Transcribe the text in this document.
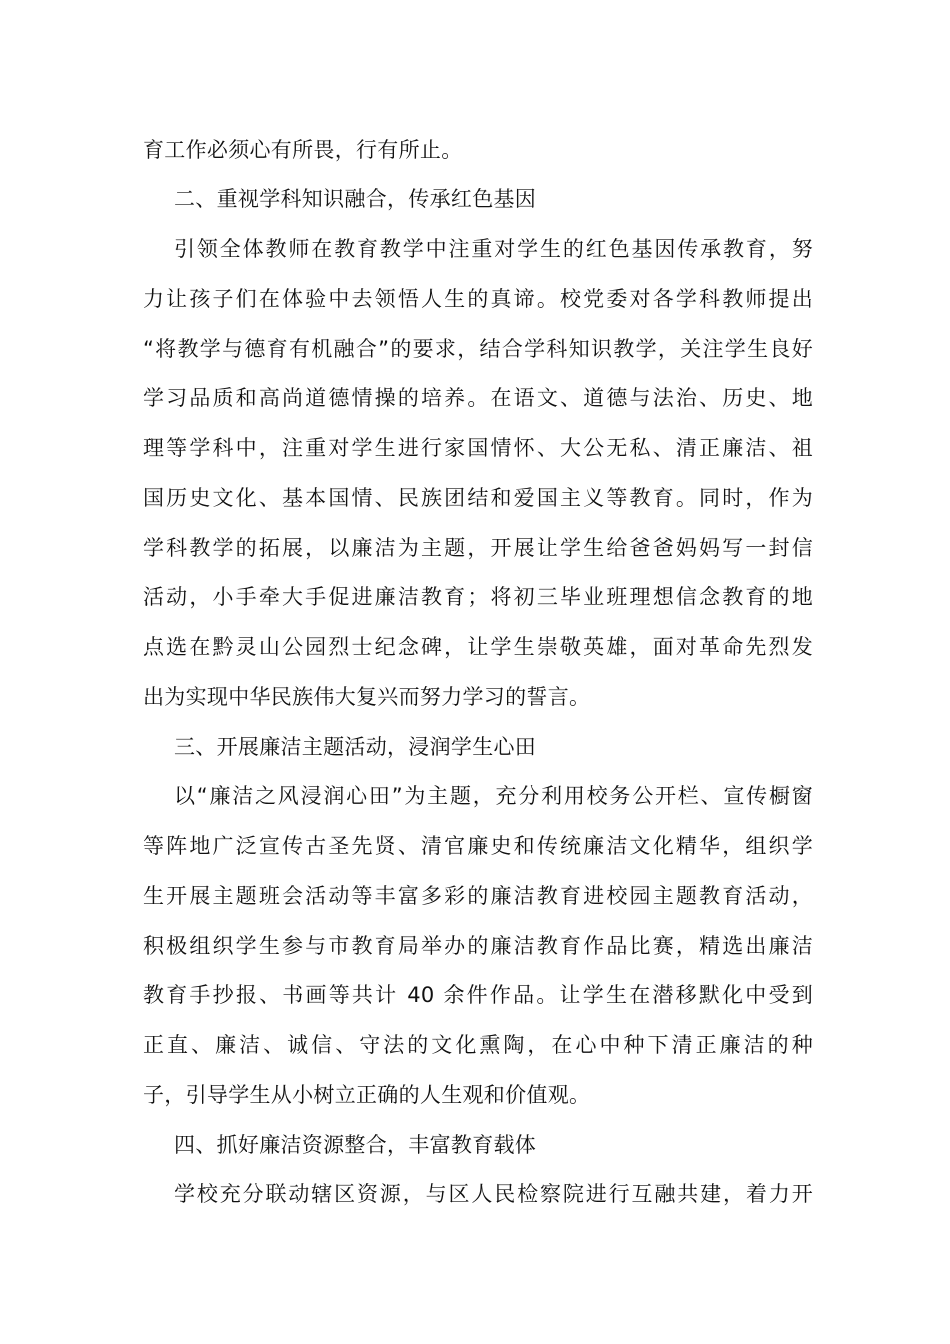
育工作必须心有所畏，行有所止。
二、重视学科知识融合，传承红色基因
引领全体教师在教育教学中注重对学生的红色基因传承教育，努
力让孩子们在体验中去领悟人生的真谛。校党委对各学科教师提出
“将教学与德育有机融合”的要求，结合学科知识教学，关注学生良好
学习品质和高尚道德情操的培养。在语文、道德与法治、历史、地
理等学科中，注重对学生进行家国情怀、大公无私、清正廉洁、祖
国历史文化、基本国情、民族团结和爱国主义等教育。同时，作为
学科教学的拓展，以廉洁为主题，开展让学生给爸爸妈妈写一封信
活动，小手牵大手促进廉洁教育；将初三毕业班理想信念教育的地
点选在黔灵山公园烈士纪念碑，让学生崇敬英雄，面对革命先烈发
出为实现中华民族伟大复兴而努力学习的誓言。
三、开展廉洁主题活动，浸润学生心田
以“廉洁之风浸润心田”为主题，充分利用校务公开栏、宣传橱窗
等阵地广泛宣传古圣先贤、清官廉史和传统廉洁文化精华，组织学
生开展主题班会活动等丰富多彩的廉洁教育进校园主题教育活动，
积极组织学生参与市教育局举办的廉洁教育作品比赛，精选出廉洁
教育手抄报、书画等共计 40 余件作品。让学生在潜移默化中受到
正直、廉洁、诚信、守法的文化熏陶，在心中种下清正廉洁的种
子，引导学生从小树立正确的人生观和价值观。
四、抓好廉洁资源整合，丰富教育载体
学校充分联动辖区资源，与区人民检察院进行互融共建，着力开
